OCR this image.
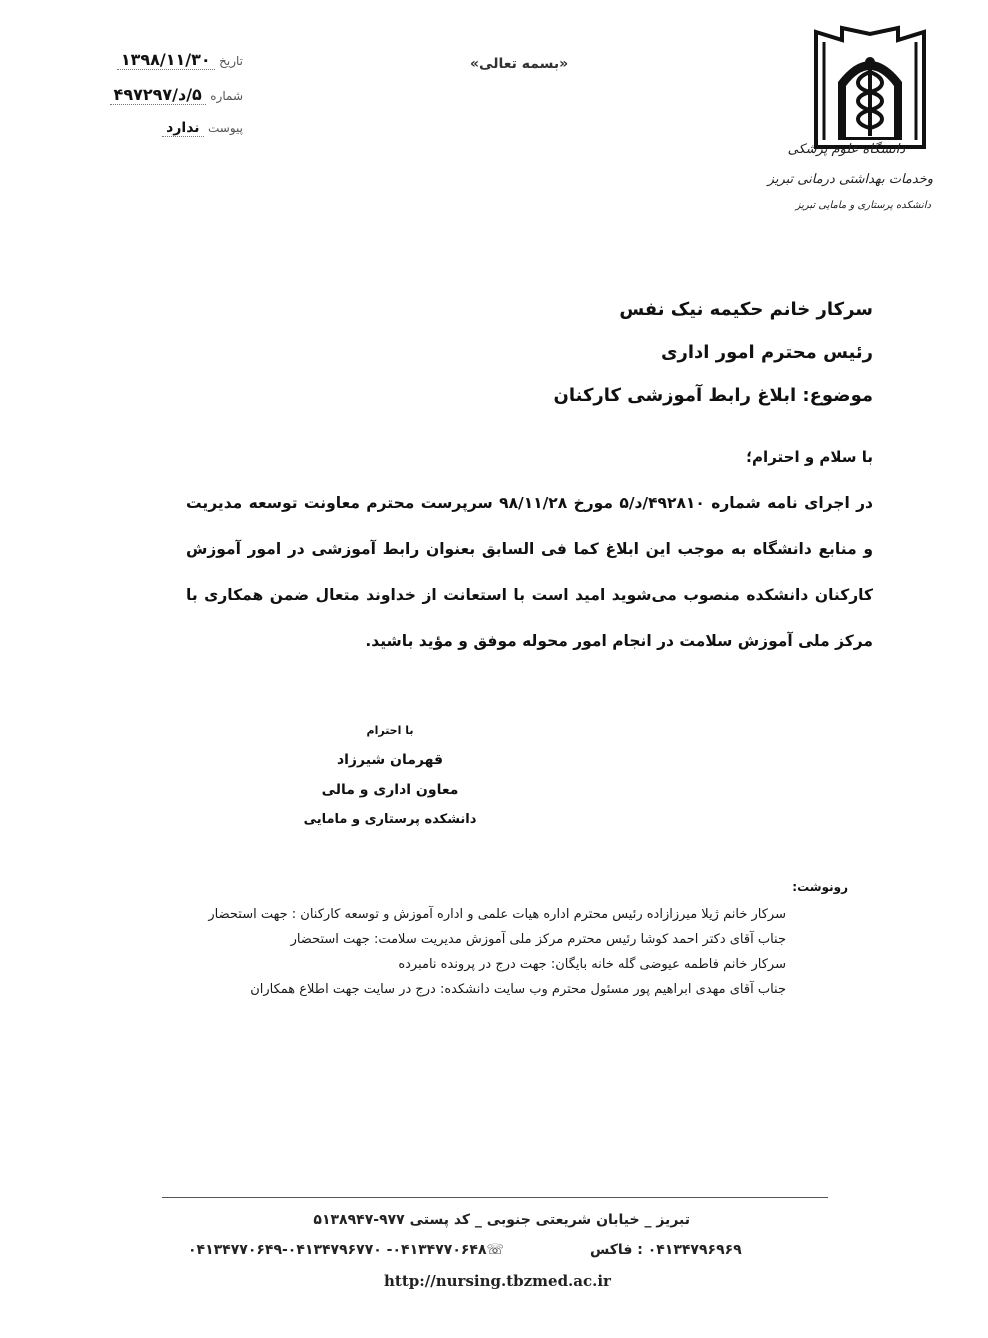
دانشگاه علوم پزشکی
وخدمات بهداشتی درمانی تبریز
دانشکده پرستاری و مامایی تبریز
«بسمه تعالی»
تاریخ ۱۳۹۸/۱۱/۳۰
شماره ۵/د/۴۹۷۲۹۷
پیوست ندارد
سرکار خانم حکیمه نیک نفس
رئیس محترم امور اداری
موضوع: ابلاغ رابط آموزشی کارکنان
با سلام و احترام؛
در اجرای نامه شماره ۴۹۲۸۱۰/د/۵ مورخ ۹۸/۱۱/۲۸ سرپرست محترم معاونت توسعه مدیریت و منابع دانشگاه به موجب این ابلاغ کما فی السابق بعنوان رابط آموزشی در امور آموزش کارکنان دانشکده منصوب می‌شوید امید است با استعانت از خداوند متعال ضمن همکاری با مرکز ملی آموزش سلامت در انجام امور محوله موفق و مؤید باشید.
با احترام
قهرمان شیرزاد
معاون اداری و مالی
دانشکده پرستاری و مامایی
رونوشت:
سرکار خانم ژیلا میرزازاده رئیس محترم اداره هیات علمی و اداره آموزش و توسعه کارکنان : جهت استحضار
جناب آقای دکتر احمد کوشا رئیس محترم مرکز ملی آموزش مدیریت سلامت: جهت استحضار
سرکار خانم فاطمه عیوضی گله خانه بایگان: جهت درج در پرونده نامبرده
جناب آقای مهدی ابراهیم پور مسئول محترم وب سایت دانشکده: درج در سایت جهت اطلاع همکاران
تبریز _ خیابان شریعتی جنوبی _ کد پستی ۹۷۷-۵۱۳۸۹۴۷
☏۰۴۱۳۴۷۷۰۶۴۸- ۰۴۱۳۴۷۷۰۶۴۹-۰۴۱۳۴۷۹۶۷۷۰	۰۴۱۳۴۷۹۶۹۶۹ : فاکس
http://nursing.tbzmed.ac.ir
